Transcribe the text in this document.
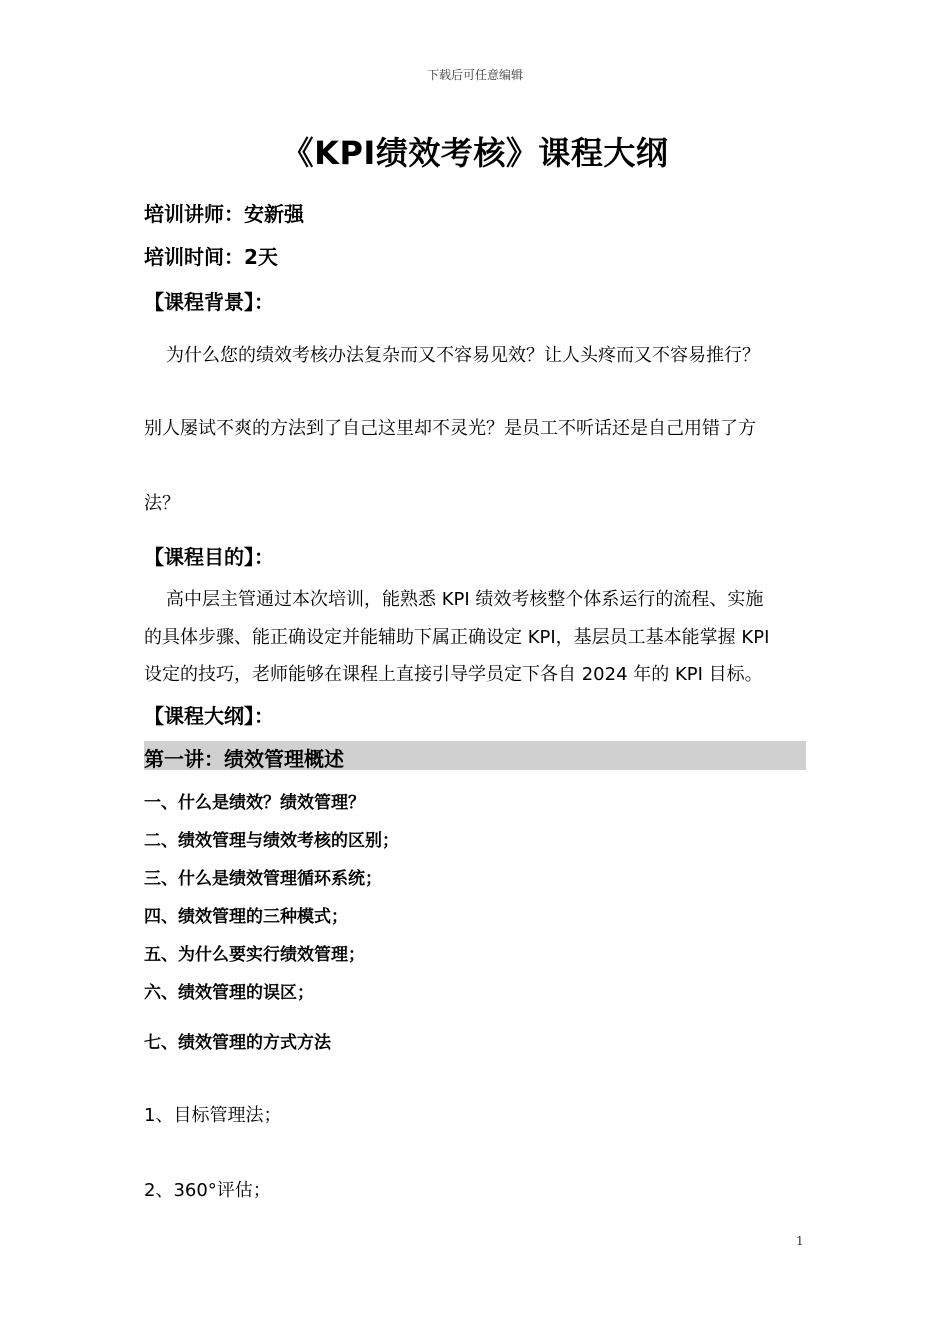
下载后可任意编辑
《KPI绩效考核》课程大纲
培训讲师：安新强
培训时间：2天
【课程背景】：
为什么您的绩效考核办法复杂而又不容易见效？让人头疼而又不容易推行？
别人屡试不爽的方法到了自己这里却不灵光？是员工不听话还是自己用错了方
法？
【课程目的】：
高中层主管通过本次培训，能熟悉 KPI 绩效考核整个体系运行的流程、实施
的具体步骤、能正确设定并能辅助下属正确设定 KPI，基层员工基本能掌握 KPI
设定的技巧，老师能够在课程上直接引导学员定下各自 2024 年的 KPI 目标。
【课程大纲】：
第一讲：绩效管理概述
一、什么是绩效？绩效管理？
二、绩效管理与绩效考核的区别；
三、什么是绩效管理循环系统；
四、绩效管理的三种模式；
五、为什么要实行绩效管理；
六、绩效管理的误区；
七、绩效管理的方式方法
1、目标管理法；
2、360°评估；
1
